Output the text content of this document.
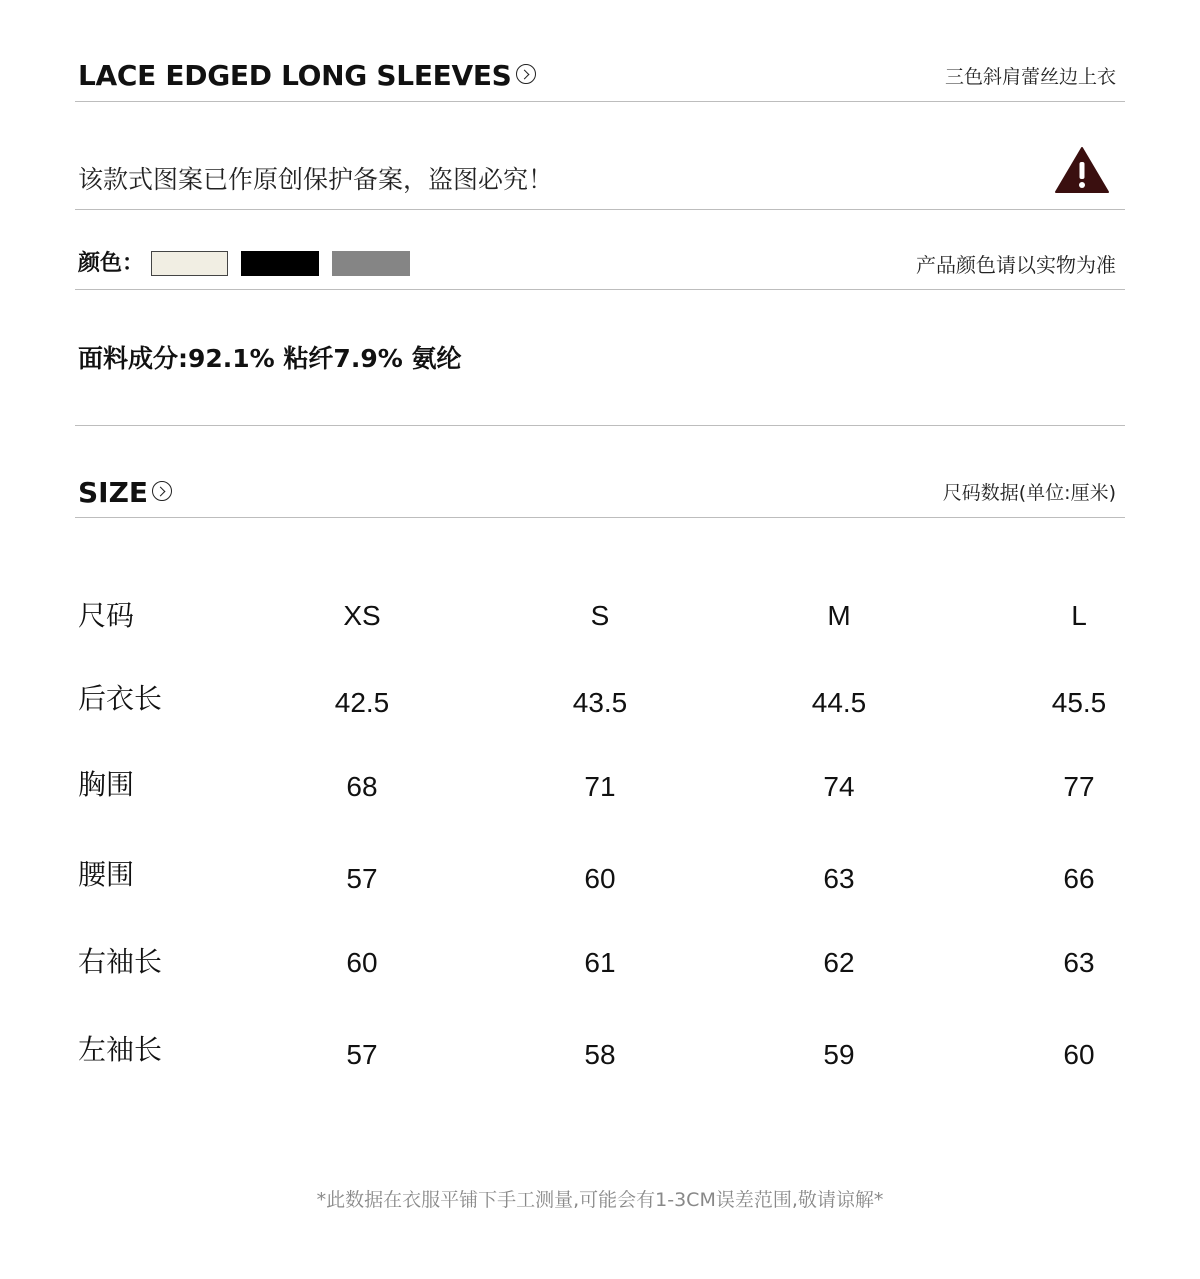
LACE EDGED LONG SLEEVES	三色斜肩蕾丝边上衣
该款式图案已作原创保护备案，盗图必究！
颜色：	产品颜色请以实物为准
面料成分:92.1% 粘纤7.9% 氨纶
SIZE	尺码数据(单位:厘米)
尺码	XS	S	M	L
后衣长	42.5	43.5	44.5	45.5
胸围	68	71	74	77
腰围	57	60	63	66
右袖长	60	61	62	63
左袖长	57	58	59	60
*此数据在衣服平铺下手工测量,可能会有1-3CM误差范围,敬请谅解*
